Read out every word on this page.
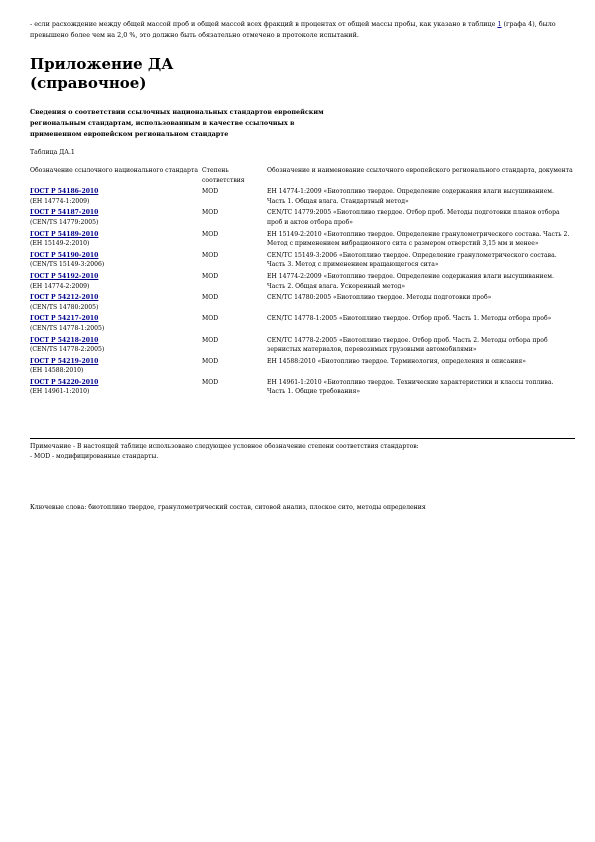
- если расхождение между общей массой проб и общей массой всех фракций в процентах от общей массы пробы, как указано в таблице 1 (графа 4), было превышено более чем на 2,0 %, это должно быть обязательно отмечено в протоколе испытаний.
Приложение ДА
(справочное)
Сведения о соответствии ссылочных национальных стандартов европейским региональным стандартам, использованным в качестве ссылочных в примененном европейском региональном стандарте
Таблица ДА.1
Обозначение ссылочного национального стандарта	Степень соответствия	Обозначение и наименование ссылочного европейского регионального стандарта, документа
ГОСТ Р 54186-2010
(ЕН 14774-1:2009)	MOD	ЕН 14774-1:2009 «Биотопливо твердое. Определение содержания влаги высушиванием. Часть 1. Общая влага. Стандартный метод»
ГОСТ Р 54187-2010
(CEN/TS 14779:2005)	MOD	CEN/TC 14779:2005 «Биотопливо твердое. Отбор проб. Методы подготовки планов отбора проб и актов отбора проб»
ГОСТ Р 54189-2010
(ЕН 15149-2:2010)	MOD	ЕН 15149-2:2010 «Биотопливо твердое. Определение гранулометрического состава. Часть 2. Метод с применением вибрационного сита с размером отверстий 3,15 мм и менее»
ГОСТ Р 54190-2010
(CEN/TS 15149-3:2006)	MOD	CEN/TC 15149-3:2006 «Биотопливо твердое. Определение гранулометрического состава. Часть 3. Метод с применением вращающегося сита»
ГОСТ Р 54192-2010
(ЕН 14774-2:2009)	MOD	ЕН 14774-2:2009 «Биотопливо твердое. Определение содержания влаги высушиванием. Часть 2. Общая влага. Ускоренный метод»
ГОСТ Р 54212-2010
(CEN/TS 14780:2005)	MOD	CEN/TC 14780:2005 «Биотопливо твердое. Методы подготовки проб»
ГОСТ Р 54217-2010
(CEN/TS 14778-1:2005)	MOD	CEN/TC 14778-1:2005 «Биотопливо твердое. Отбор проб. Часть 1. Методы отбора проб»
ГОСТ Р 54218-2010
(CEN/TS 14778-2:2005)	MOD	CEN/TC 14778-2:2005 «Биотопливо твердое. Отбор проб. Часть 2. Методы отбора проб зернистых материалов, перевозимых грузовыми автомобилями»
ГОСТ Р 54219-2010
(ЕН 14588:2010)	MOD	ЕН 14588:2010 «Биотопливо твердое. Терминология, определения и описания»
ГОСТ Р 54220-2010
(ЕН 14961-1:2010)	MOD	ЕН 14961-1:2010 «Биотопливо твердое. Технические характеристики и классы топлива. Часть 1. Общие требования»
Примечание - В настоящей таблице использовано следующее условное обозначение степени соответствия стандартов:
- MOD - модифицированные стандарты.
Ключевые слова: биотопливо твердое, гранулометрический состав, ситовой анализ, плоское сито, методы определения
